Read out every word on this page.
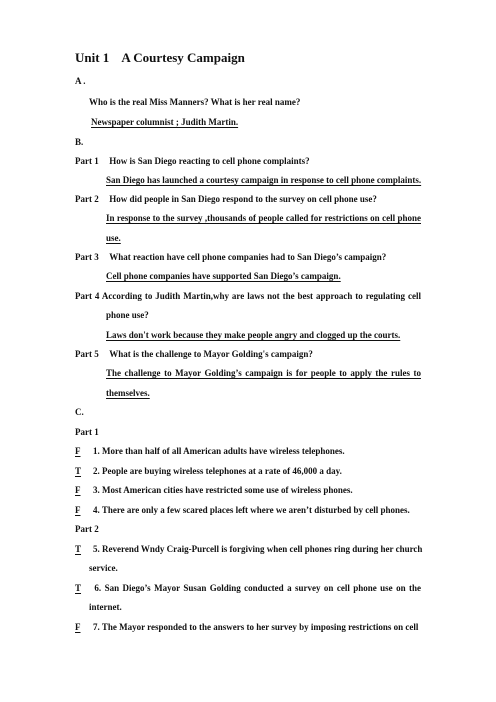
Unit 1 A Courtesy Campaign
A .
Who is the real Miss Manners? What is her real name?
Newspaper columnist ; Judith Martin.
B.
Part 1 How is San Diego reacting to cell phone complaints?
San Diego has launched a courtesy campaign in response to cell phone complaints.
Part 2 How did people in San Diego respond to the survey on cell phone use?
In response to the survey ,thousands of people called for restrictions on cell phone
use.
Part 3 What reaction have cell phone companies had to San Diego’s campaign?
Cell phone companies have supported San Diego’s campaign.
Part 4 According to Judith Martin,why are laws not the best approach to regulating cell
phone use?
Laws don't work because they make people angry and clogged up the courts.
Part 5 What is the challenge to Mayor Golding's campaign?
The challenge to Mayor Golding’s campaign is for people to apply the rules to
themselves.
C.
Part 1
F 1. More than half of all American adults have wireless telephones.
T 2. People are buying wireless telephones at a rate of 46,000 a day.
F 3. Most American cities have restricted some use of wireless phones.
F 4. There are only a few scared places left where we aren’t disturbed by cell phones.
Part 2
T 5. Reverend Wndy Craig-Purcell is forgiving when cell phones ring during her church
service.
T 6. San Diego’s Mayor Susan Golding conducted a survey on cell phone use on the
internet.
F 7. The Mayor responded to the answers to her survey by imposing restrictions on cell
